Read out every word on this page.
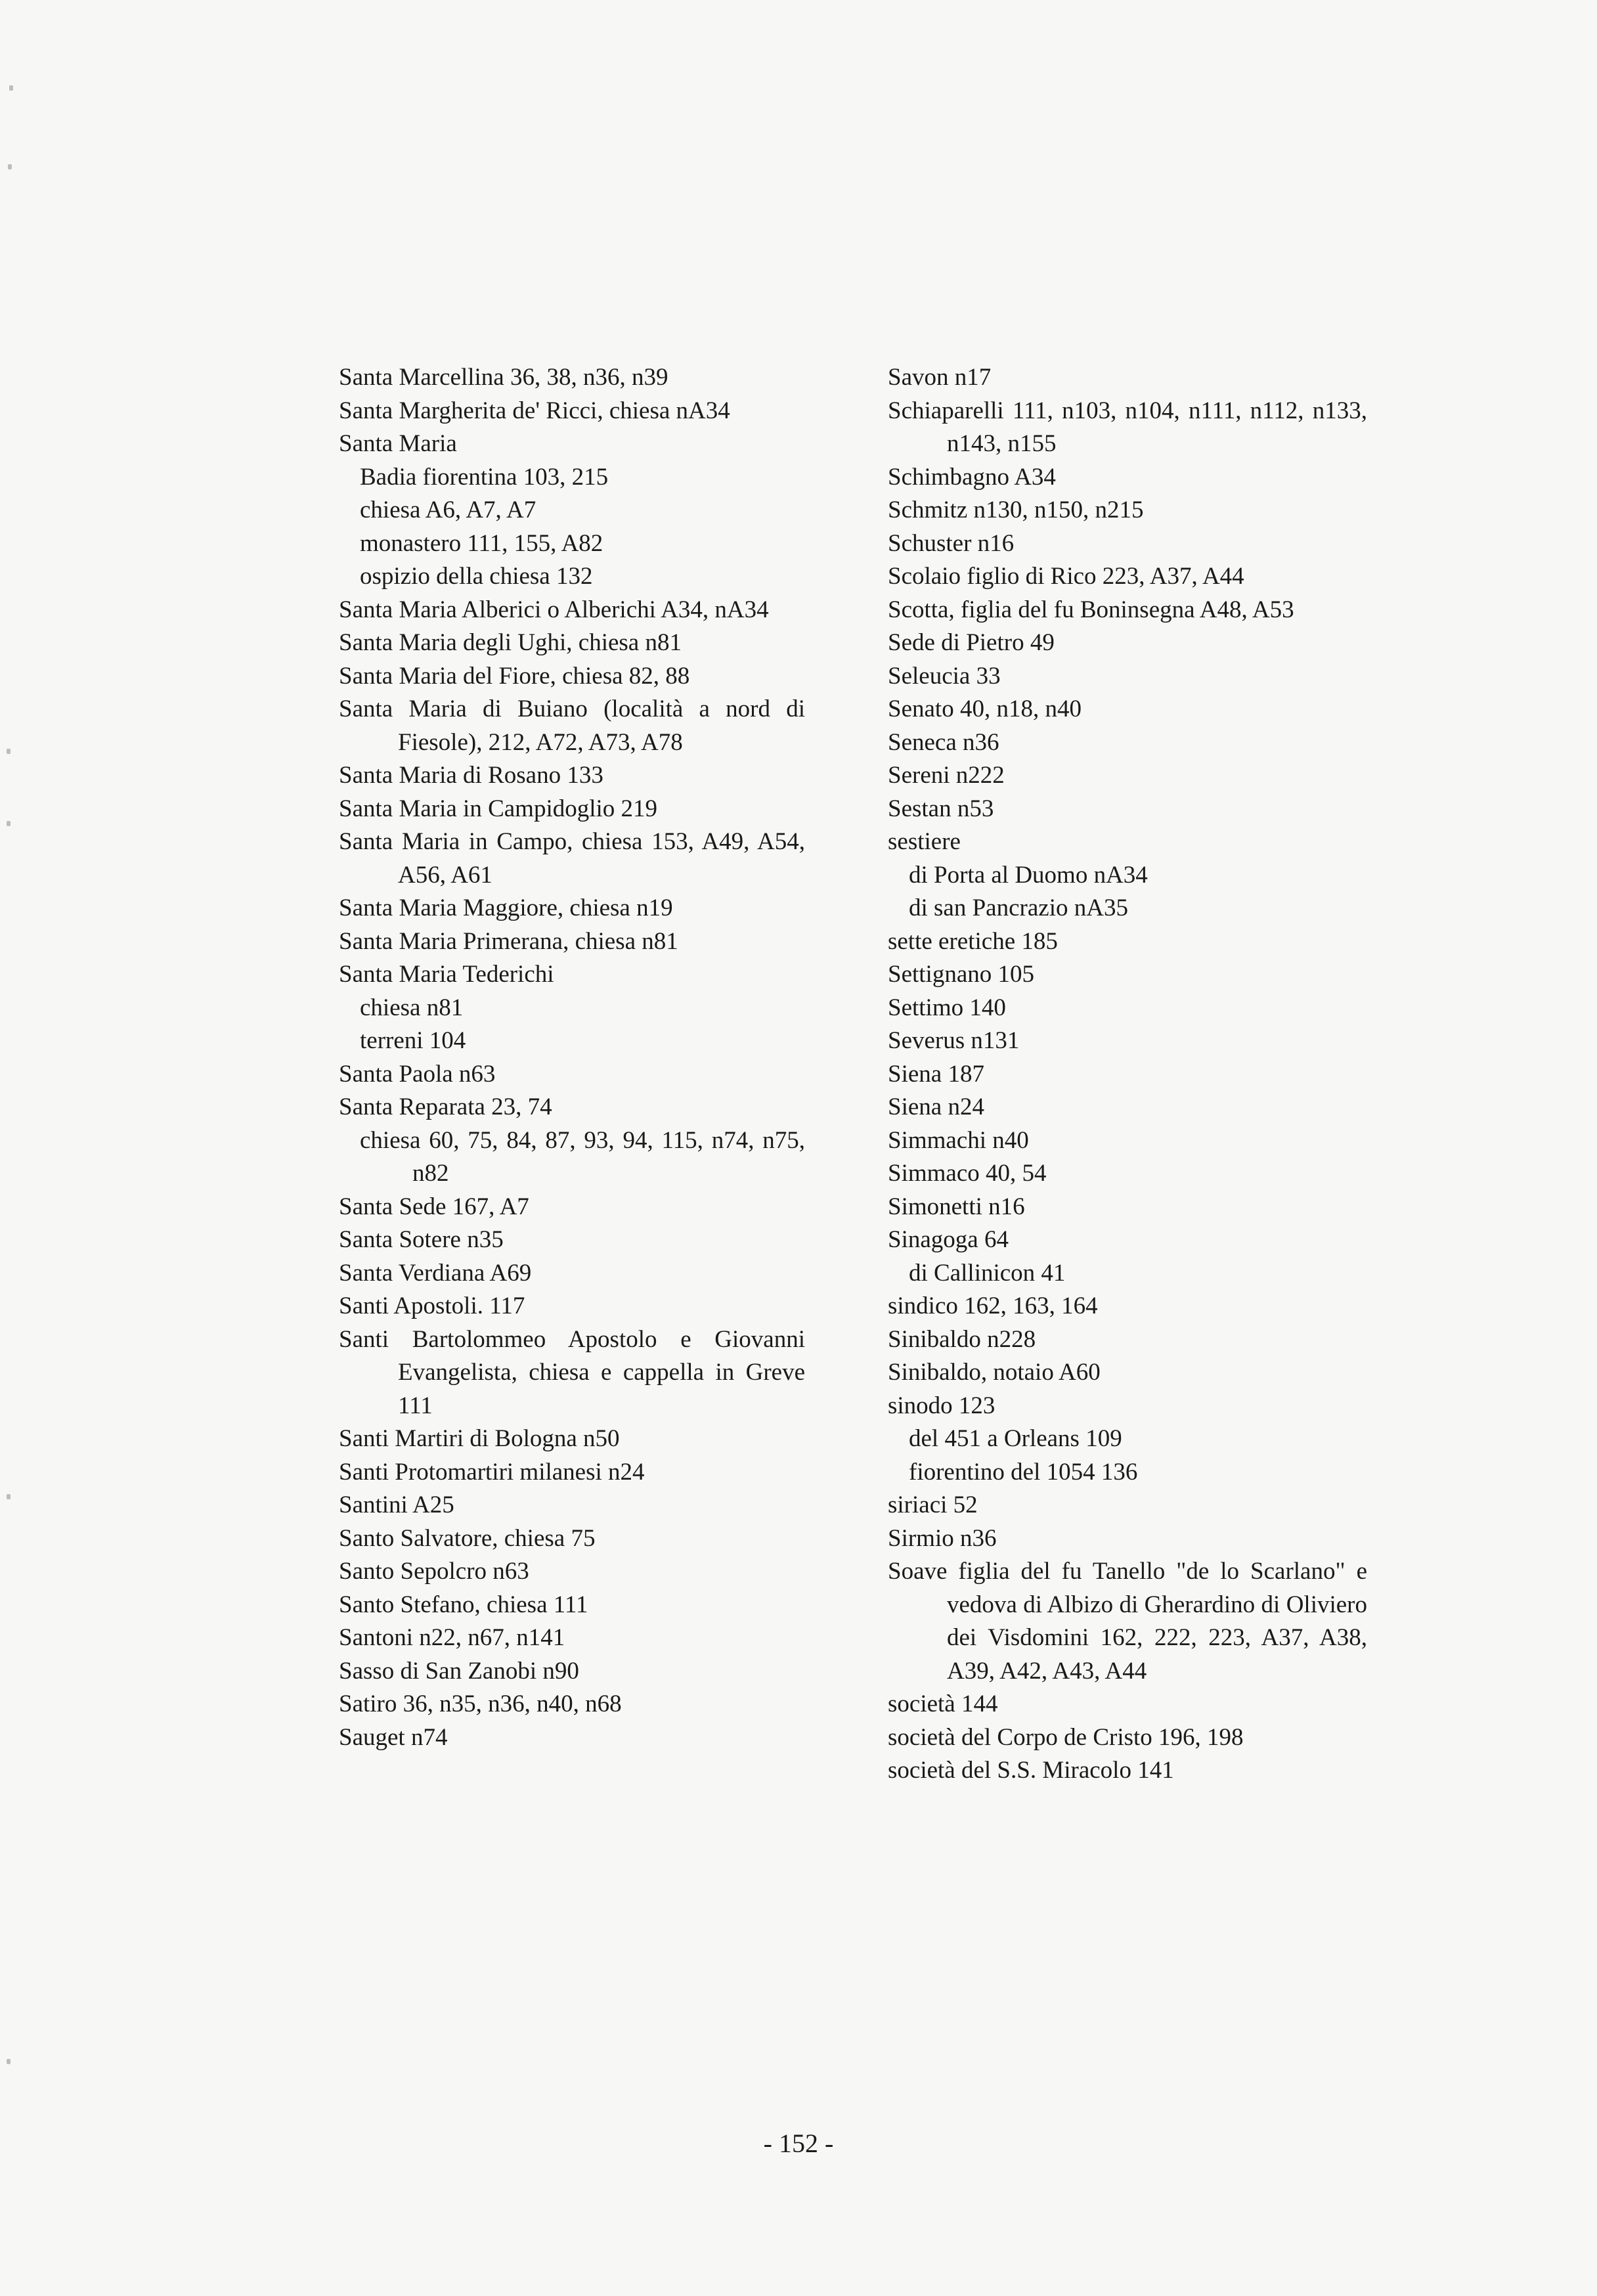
Santa Marcellina 36, 38, n36, n39
Santa Margherita de' Ricci, chiesa nA34
Santa Maria
Badia fiorentina 103, 215
chiesa A6, A7, A7
monastero 111, 155, A82
ospizio della chiesa 132
Santa Maria Alberici o Alberichi A34, nA34
Santa Maria degli Ughi, chiesa n81
Santa Maria del Fiore, chiesa 82, 88
Santa Maria di Buiano (località a nord di Fiesole), 212, A72, A73, A78
Santa Maria di Rosano 133
Santa Maria in Campidoglio 219
Santa Maria in Campo, chiesa 153, A49, A54, A56, A61
Santa Maria Maggiore, chiesa n19
Santa Maria Primerana, chiesa n81
Santa Maria Tederichi
chiesa n81
terreni 104
Santa Paola n63
Santa Reparata 23, 74
chiesa 60, 75, 84, 87, 93, 94, 115, n74, n75, n82
Santa Sede 167, A7
Santa Sotere n35
Santa Verdiana A69
Santi Apostoli. 117
Santi Bartolommeo Apostolo e Giovanni Evangelista, chiesa e cappella in Greve 111
Santi Martiri di Bologna n50
Santi Protomartiri milanesi n24
Santini A25
Santo Salvatore, chiesa 75
Santo Sepolcro n63
Santo Stefano, chiesa 111
Santoni n22, n67, n141
Sasso di San Zanobi n90
Satiro 36, n35, n36, n40, n68
Sauget n74
Savon n17
Schiaparelli 111, n103, n104, n111, n112, n133, n143, n155
Schimbagno A34
Schmitz n130, n150, n215
Schuster n16
Scolaio figlio di Rico 223, A37, A44
Scotta, figlia del fu Boninsegna A48, A53
Sede di Pietro 49
Seleucia 33
Senato 40, n18, n40
Seneca n36
Sereni n222
Sestan n53
sestiere
di Porta al Duomo nA34
di san Pancrazio nA35
sette eretiche 185
Settignano 105
Settimo 140
Severus n131
Siena 187
Siena n24
Simmachi n40
Simmaco 40, 54
Simonetti n16
Sinagoga 64
di Callinicon 41
sindico 162, 163, 164
Sinibaldo n228
Sinibaldo, notaio A60
sinodo 123
del 451 a Orleans 109
fiorentino del 1054 136
siriaci 52
Sirmio n36
Soave figlia del fu Tanello "de lo Scarlano" e vedova di Albizo di Gherardino di Oliviero dei Visdomini 162, 222, 223, A37, A38, A39, A42, A43, A44
società 144
società del Corpo de Cristo 196, 198
società del S.S. Miracolo 141
- 152 -
